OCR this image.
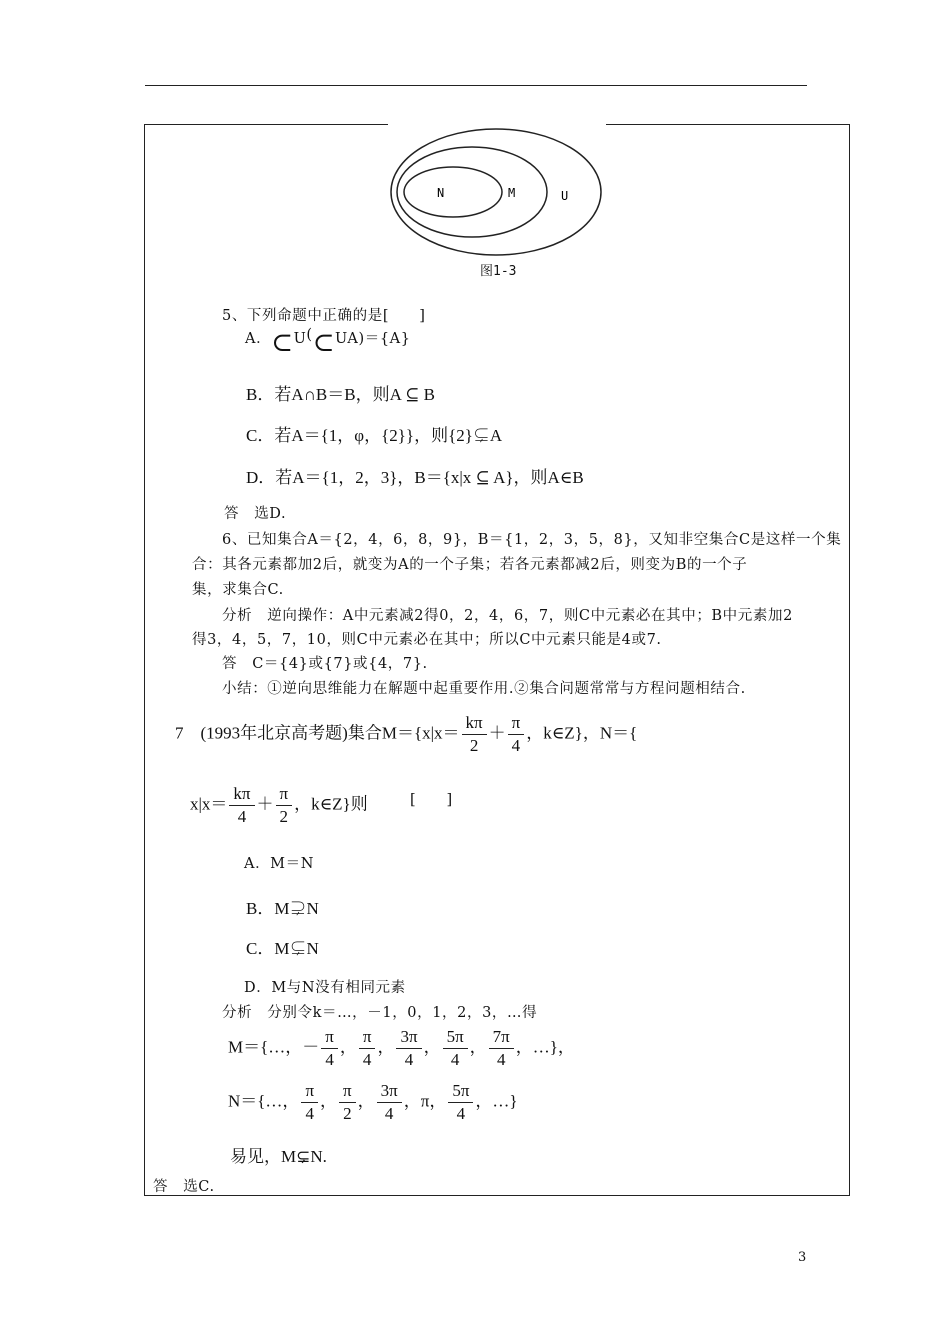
N	M	U
图1-3
5、下列命题中正确的是[　　]
A．⊂U(⊂UA)＝{A}
B．若A∩B＝B，则A ⊆ B
C．若A＝{1，φ，{2}}，则{2}⊊A
D．若A＝{1，2，3}，B＝{x|x ⊆ A}，则A∈B
答　选D.
6、已知集合A＝{2，4，6，8，9}，B＝{1，2，3，5，8}，又知非空集合C是这样一个集
合：其各元素都加2后，就变为A的一个子集；若各元素都减2后，则变为B的一个子
集，求集合C.
分析　逆向操作：A中元素减2得0，2，4，6，7，则C中元素必在其中；B中元素加2
得3，4，5，7，10，则C中元素必在其中；所以C中元素只能是4或7.
答　C＝{4}或{7}或{4，7}.
小结：①逆向思维能力在解题中起重要作用.②集合问题常常与方程问题相结合.
7　(1993年北京高考题)集合$M=\{x|x= \frac{k\pi}{2} + \frac{\pi}{4}$ ，k∈Z}，N＝{
$x|x= \frac{k\pi}{4} + \frac{\pi}{2}$ ，k∈Z}则	[　　]
A．M＝N
B．M⊋N
C．M⊊N
D．M与N没有相同元素
分析　分别令k＝…，－1，0，1，2，3，…得
M＝{…，－ $\frac{\pi}{4}$ ， $\frac{\pi}{4}$ ， $\frac{3\pi}{4}$ ， $\frac{5\pi}{4}$ ， $\frac{7\pi}{4}$ ，…}，
N＝{…， $\frac{\pi}{4}$ ， $\frac{\pi}{2}$ ， $\frac{3\pi}{4}$ ，π， $\frac{5\pi}{4}$ ，…}
易见，M⊊N.
答　选C.
3
